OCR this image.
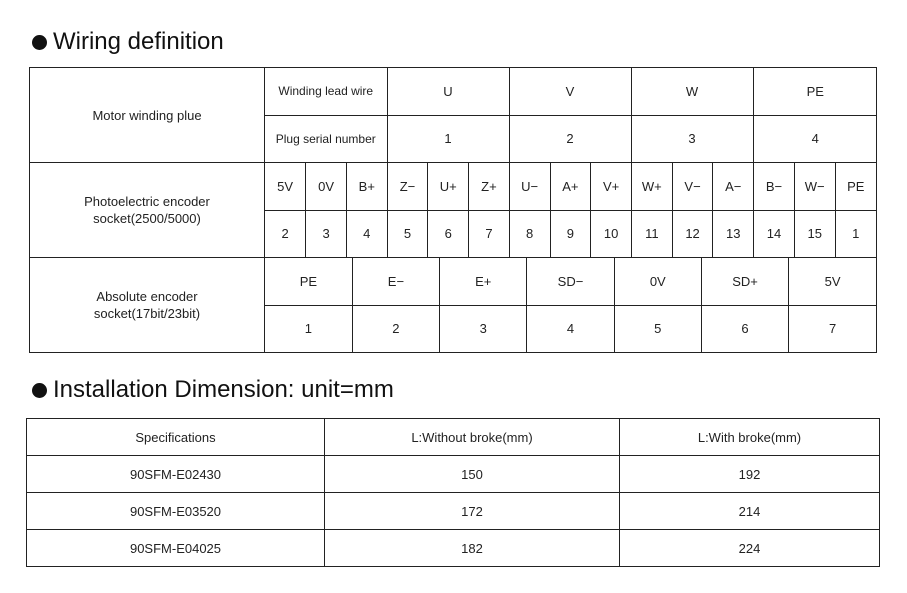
Wiring definition
Motor winding plue	
Winding lead wire	U	V	W	PE
Plug serial number	1	2	3	4

Photoelectric encoder
socket(2500/5000)

5V	0V	B+	Z−	U+	Z+	U−	A+	V+	W+	V−	A−	B−	W−	PE
2	3	4	5	6	7	8	9	10	11	12	13	14	15	1

Absolute encoder
socket(17bit/23bit)

PE	E−	E+	SD−	0V	SD+	5V
1	2	3	4	5	6	7
Installation Dimension: unit=mm
Specifications	L:Without broke(mm)	L:With broke(mm)
90SFM-E02430	150	192
90SFM-E03520	172	214
90SFM-E04025	182	224
